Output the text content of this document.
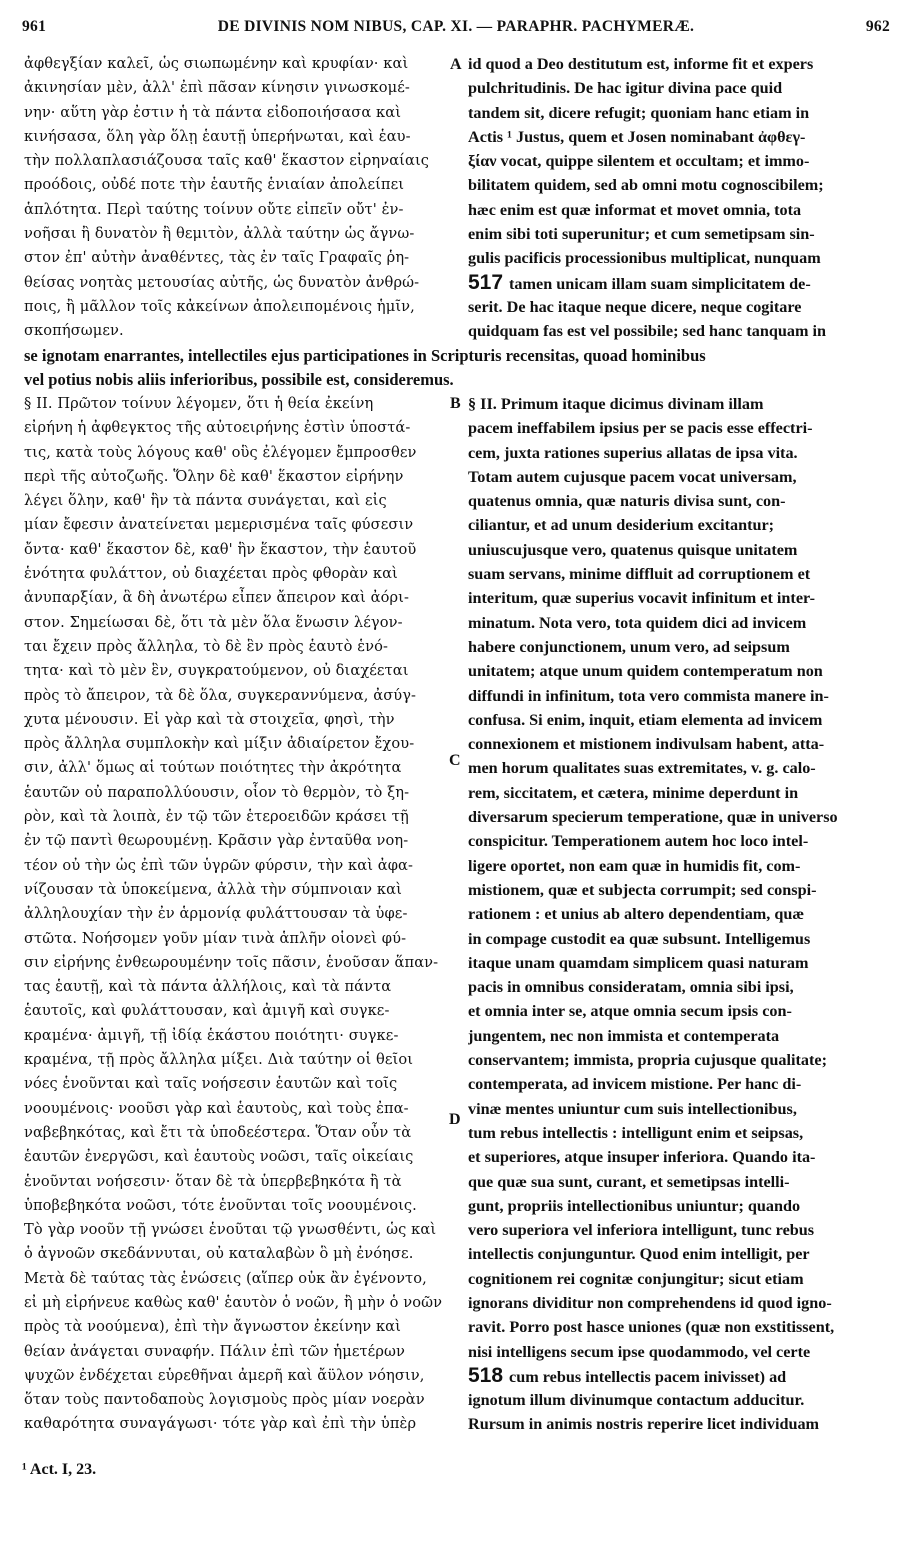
961	DE DIVINIS NOM NIBUS, CAP. XI. — PARAPHR. PACHYMERÆ.	962
ἀφθεγξίαν καλεῖ, ὡς σιωπωμένην καὶ κρυφίαν· καὶ
ἀκινησίαν μὲν, ἀλλ' ἐπὶ πᾶσαν κίνησιν γινωσκομέ-
νην· αὕτη γὰρ ἐστιν ἡ τὰ πάντα εἰδοποιήσασα καὶ
κινήσασα, ὅλη γὰρ ὅλῃ ἑαυτῇ ὑπερήνωται, καὶ ἑαυ-
τὴν πολλαπλασιάζουσα ταῖς καθ' ἕκαστον εἰρηναίαις
προόδοις, οὐδέ ποτε τὴν ἑαυτῆς ἑνιαίαν ἀπολείπει
ἁπλότητα. Περὶ ταύτης τοίνυν οὔτε εἰπεῖν οὔτ' ἐν-
νοῆσαι ἢ δυνατὸν ἢ θεμιτὸν, ἀλλὰ ταύτην ὡς ἄγνω-
στον ἐπ' αὐτὴν ἀναθέντες, τὰς ἐν ταῖς Γραφαῖς ῥη-
θείσας νοητὰς μετουσίας αὐτῆς, ὡς δυνατὸν ἀνθρώ-
ποις, ἢ μᾶλλον τοῖς κἀκείνων ἀπολειπομένοις ἡμῖν,
σκοπήσωμεν.
id quod a Deo destitutum est, informe fit et expers
pulchritudinis. De hac igitur divina pace quid
tandem sit, dicere refugit; quoniam hanc etiam in
Actis ¹ Justus, quem et Josen nominabant ἀφθεγ-
ξίαν vocat, quippe silentem et occultam; et immo-
bilitatem quidem, sed ab omni motu cognoscibilem;
hæc enim est quæ informat et movet omnia, tota
enim sibi toti superunitur; et cum semetipsam sin-
gulis pacificis processionibus multiplicat, nunquam
517 tamen unicam illam suam simplicitatem de-
serit. De hac itaque neque dicere, neque cogitare
quidquam fas est vel possibile; sed hanc tanquam in
se ignotam enarrantes, intellectiles ejus participationes in Scripturis recensitas, quoad hominibus
vel potius nobis aliis inferioribus, possibile est, consideremus.
§ II. Πρῶτον τοίνυν λέγομεν, ὅτι ἡ θεία ἐκείνη
εἰρήνη ἡ ἀφθεγκτος τῆς αὐτοειρήνης ἐστὶν ὑποστά-
τις, κατὰ τοὺς λόγους καθ' οὓς ἐλέγομεν ἔμπροσθεν
περὶ τῆς αὐτοζωῆς. Ὅλην δὲ καθ' ἕκαστον εἰρήνην
λέγει ὅλην, καθ' ἣν τὰ πάντα συνάγεται, καὶ εἰς
μίαν ἔφεσιν ἀνατείνεται μεμερισμένα ταῖς φύσεσιν
ὄντα· καθ' ἕκαστον δὲ, καθ' ἣν ἕκαστον, τὴν ἑαυτοῦ
ἑνότητα φυλάττον, οὐ διαχέεται πρὸς φθορὰν καὶ
ἀνυπαρξίαν, ἃ δὴ ἀνωτέρω εἶπεν ἄπειρον καὶ ἀόρι-
στον. Σημείωσαι δὲ, ὅτι τὰ μὲν ὅλα ἕνωσιν λέγον-
ται ἔχειν πρὸς ἄλληλα, τὸ δὲ ἓν πρὸς ἑαυτὸ ἑνό-
τητα· καὶ τὸ μὲν ἓν, συγκρατούμενον, οὐ διαχέεται
πρὸς τὸ ἄπειρον, τὰ δὲ ὅλα, συγκεραννύμενα, ἀσύγ-
χυτα μένουσιν. Εἰ γὰρ καὶ τὰ στοιχεῖα, φησὶ, τὴν
πρὸς ἄλληλα συμπλοκὴν καὶ μίξιν ἀδιαίρετον ἔχου-
σιν, ἀλλ' ὅμως αἱ τούτων ποιότητες τὴν ἀκρότητα
ἑαυτῶν οὐ παραπολλύουσιν, οἷον τὸ θερμὸν, τὸ ξη-
ρὸν, καὶ τὰ λοιπὰ, ἐν τῷ τῶν ἑτεροειδῶν κράσει τῇ
ἐν τῷ παντὶ θεωρουμένῃ. Κρᾶσιν γὰρ ἐνταῦθα νοη-
τέον οὐ τὴν ὡς ἐπὶ τῶν ὑγρῶν φύρσιν, τὴν καὶ ἀφα-
νίζουσαν τὰ ὑποκείμενα, ἀλλὰ τὴν σύμπνοιαν καὶ
ἀλληλουχίαν τὴν ἐν ἁρμονίᾳ φυλάττουσαν τὰ ὑφε-
στῶτα. Νοήσομεν γοῦν μίαν τινὰ ἁπλῆν οἱονεὶ φύ-
σιν εἰρήνης ἐνθεωρουμένην τοῖς πᾶσιν, ἑνοῦσαν ἅπαν-
τας ἑαυτῇ, καὶ τὰ πάντα ἀλλήλοις, καὶ τὰ πάντα
ἑαυτοῖς, καὶ φυλάττουσαν, καὶ ἀμιγῆ καὶ συγκε-
κραμένα· ἀμιγῆ, τῇ ἰδίᾳ ἑκάστου ποιότητι· συγκε-
κραμένα, τῇ πρὸς ἄλληλα μίξει. Διὰ ταύτην οἱ θεῖοι
νόες ἑνοῦνται καὶ ταῖς νοήσεσιν ἑαυτῶν καὶ τοῖς
νοουμένοις· νοοῦσι γὰρ καὶ ἑαυτοὺς, καὶ τοὺς ἐπα-
ναβεβηκότας, καὶ ἔτι τὰ ὑποδεέστερα. Ὅταν οὖν τὰ
ἑαυτῶν ἐνεργῶσι, καὶ ἑαυτοὺς νοῶσι, ταῖς οἰκείαις
ἑνοῦνται νοήσεσιν· ὅταν δὲ τὰ ὑπερβεβηκότα ἢ τὰ
ὑποβεβηκότα νοῶσι, τότε ἑνοῦνται τοῖς νοουμένοις.
Τὸ γὰρ νοοῦν τῇ γνώσει ἑνοῦται τῷ γνωσθέντι, ὡς καὶ
ὁ ἀγνοῶν σκεδάννυται, οὐ καταλαβὼν ὃ μὴ ἐνόησε.
Μετὰ δὲ ταύτας τὰς ἑνώσεις (αἵπερ οὐκ ἂν ἐγένοντο,
εἰ μὴ εἰρήνευε καθὼς καθ' ἑαυτὸν ὁ νοῶν, ἢ μὴν ὁ νοῶν
πρὸς τὰ νοούμενα), ἐπὶ τὴν ἄγνωστον ἐκείνην καὶ
θείαν ἀνάγεται συναφήν. Πάλιν ἐπὶ τῶν ἡμετέρων
ψυχῶν ἐνδέχεται εὑρεθῆναι ἀμερῆ καὶ ἄϋλον νόησιν,
ὅταν τοὺς παντοδαποὺς λογισμοὺς πρὸς μίαν νοερὰν
καθαρότητα συναγάγωσι· τότε γὰρ καὶ ἐπὶ τὴν ὑπὲρ
§ II. Primum itaque dicimus divinam illam
pacem ineffabilem ipsius per se pacis esse effectri-
cem, juxta rationes superius allatas de ipsa vita.
Totam autem cujusque pacem vocat universam,
quatenus omnia, quæ naturis divisa sunt, con-
ciliantur, et ad unum desiderium excitantur;
uniuscujusque vero, quatenus quisque unitatem
suam servans, minime diffluit ad corruptionem et
interitum, quæ superius vocavit infinitum et inter-
minatum. Nota vero, tota quidem dici ad invicem
habere conjunctionem, unum vero, ad seipsum
unitatem; atque unum quidem contemperatum non
diffundi in infinitum, tota vero commista manere in-
confusa. Si enim, inquit, etiam elementa ad invicem
connexionem et mistionem indivulsam habent, atta-
men horum qualitates suas extremitates, v. g. calo-
rem, siccitatem, et cætera, minime deperdunt in
diversarum specierum temperatione, quæ in universo
conspicitur. Temperationem autem hoc loco intel-
ligere oportet, non eam quæ in humidis fit, com-
mistionem, quæ et subjecta corrumpit; sed conspi-
rationem : et unius ab altero dependentiam, quæ
in compage custodit ea quæ subsunt. Intelligemus
itaque unam quamdam simplicem quasi naturam
pacis in omnibus consideratam, omnia sibi ipsi,
et omnia inter se, atque omnia secum ipsis con-
jungentem, nec non immista et contemperata
conservantem; immista, propria cujusque qualitate;
contemperata, ad invicem mistione. Per hanc di-
vinæ mentes uniuntur cum suis intellectionibus,
tum rebus intellectis : intelligunt enim et seipsas,
et superiores, atque insuper inferiora. Quando ita-
que quæ sua sunt, curant, et semetipsas intelli-
gunt, propriis intellectionibus uniuntur; quando
vero superiora vel inferiora intelligunt, tunc rebus
intellectis conjunguntur. Quod enim intelligit, per
cognitionem rei cognitæ conjungitur; sicut etiam
ignorans dividitur non comprehendens id quod igno-
ravit. Porro post hasce uniones (quæ non exstitissent,
nisi intelligens secum ipse quodammodo, vel certe
518 cum rebus intellectis pacem inivisset) ad
ignotum illum divinumque contactum adducitur.
Rursum in animis nostris reperire licet individuam
A
B
C
D
¹ Act. I, 23.
